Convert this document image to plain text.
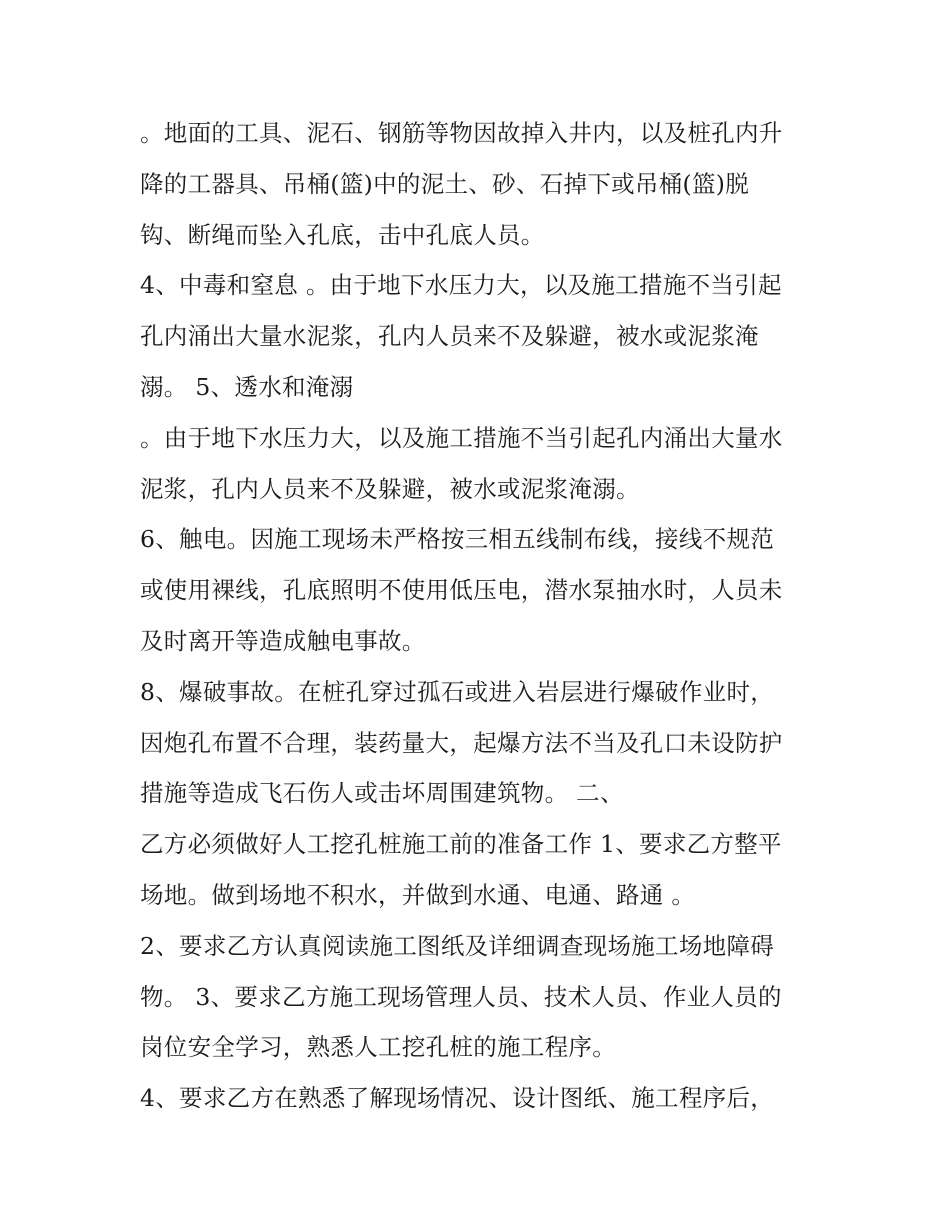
。地面的工具、泥石、钢筋等物因故掉入井内，以及桩孔内升
降的工器具、吊桶(篮)中的泥土、砂、石掉下或吊桶(篮)脱
钩、断绳而坠入孔底，击中孔底人员。
4、中毒和窒息 。由于地下水压力大，以及施工措施不当引起
孔内涌出大量水泥浆，孔内人员来不及躲避，被水或泥浆淹
溺。 5、透水和淹溺
。由于地下水压力大，以及施工措施不当引起孔内涌出大量水
泥浆，孔内人员来不及躲避，被水或泥浆淹溺。
6、触电。因施工现场未严格按三相五线制布线，接线不规范
或使用裸线，孔底照明不使用低压电，潜水泵抽水时，人员未
及时离开等造成触电事故。
8、爆破事故。在桩孔穿过孤石或进入岩层进行爆破作业时，
因炮孔布置不合理，装药量大，起爆方法不当及孔口未设防护
措施等造成飞石伤人或击坏周围建筑物。 二、
乙方必须做好人工挖孔桩施工前的准备工作 1、要求乙方整平
场地。做到场地不积水，并做到水通、电通、路通 。
2、要求乙方认真阅读施工图纸及详细调查现场施工场地障碍
物。 3、要求乙方施工现场管理人员、技术人员、作业人员的
岗位安全学习，熟悉人工挖孔桩的施工程序。
4、要求乙方在熟悉了解现场情况、设计图纸、施工程序后，
